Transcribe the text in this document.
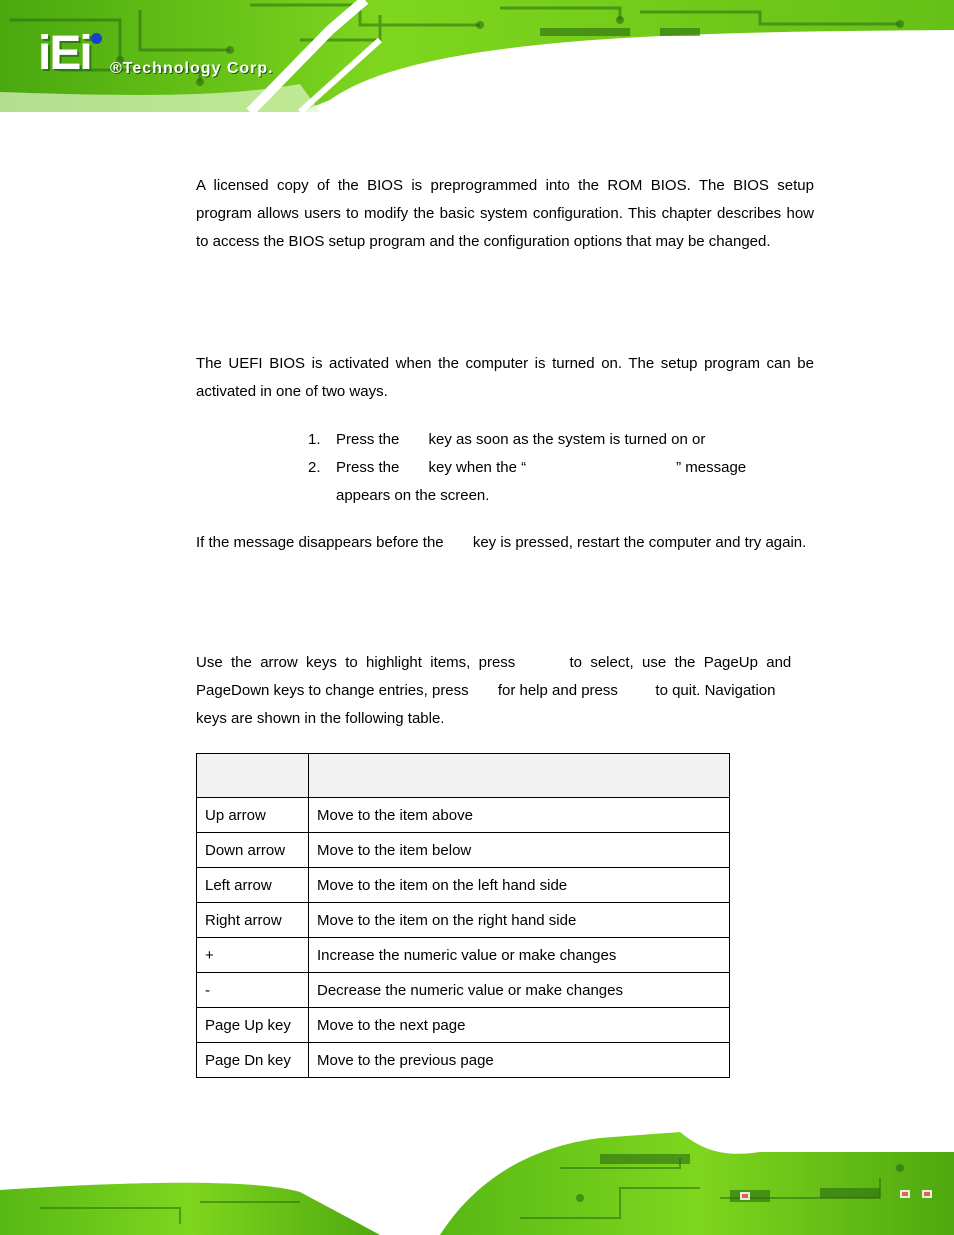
iEi ®Technology Corp.

A licensed copy of the BIOS is preprogrammed into the ROM BIOS. The BIOS setup program allows users to modify the basic system configuration. This chapter describes how to access the BIOS setup program and the configuration options that may be changed.

The UEFI BIOS is activated when the computer is turned on. The setup program can be activated in one of two ways.

1. Press the       key as soon as the system is turned on or
2. Press the       key when the “                                    ” message
appears on the screen.

If the message disappears before the       key is pressed, restart the computer and try again.

Use  the  arrow  keys  to  highlight  items,  press             to  select,  use  the  PageUp  and
PageDown keys to change entries, press       for help and press         to quit. Navigation
keys are shown in the following table.

Up arrow	Move to the item above
Down arrow	Move to the item below
Left arrow	Move to the item on the left hand side
Right arrow	Move to the item on the right hand side
+	Increase the numeric value or make changes
-	Decrease the numeric value or make changes
Page Up key	Move to the next page
Page Dn key	Move to the previous page
